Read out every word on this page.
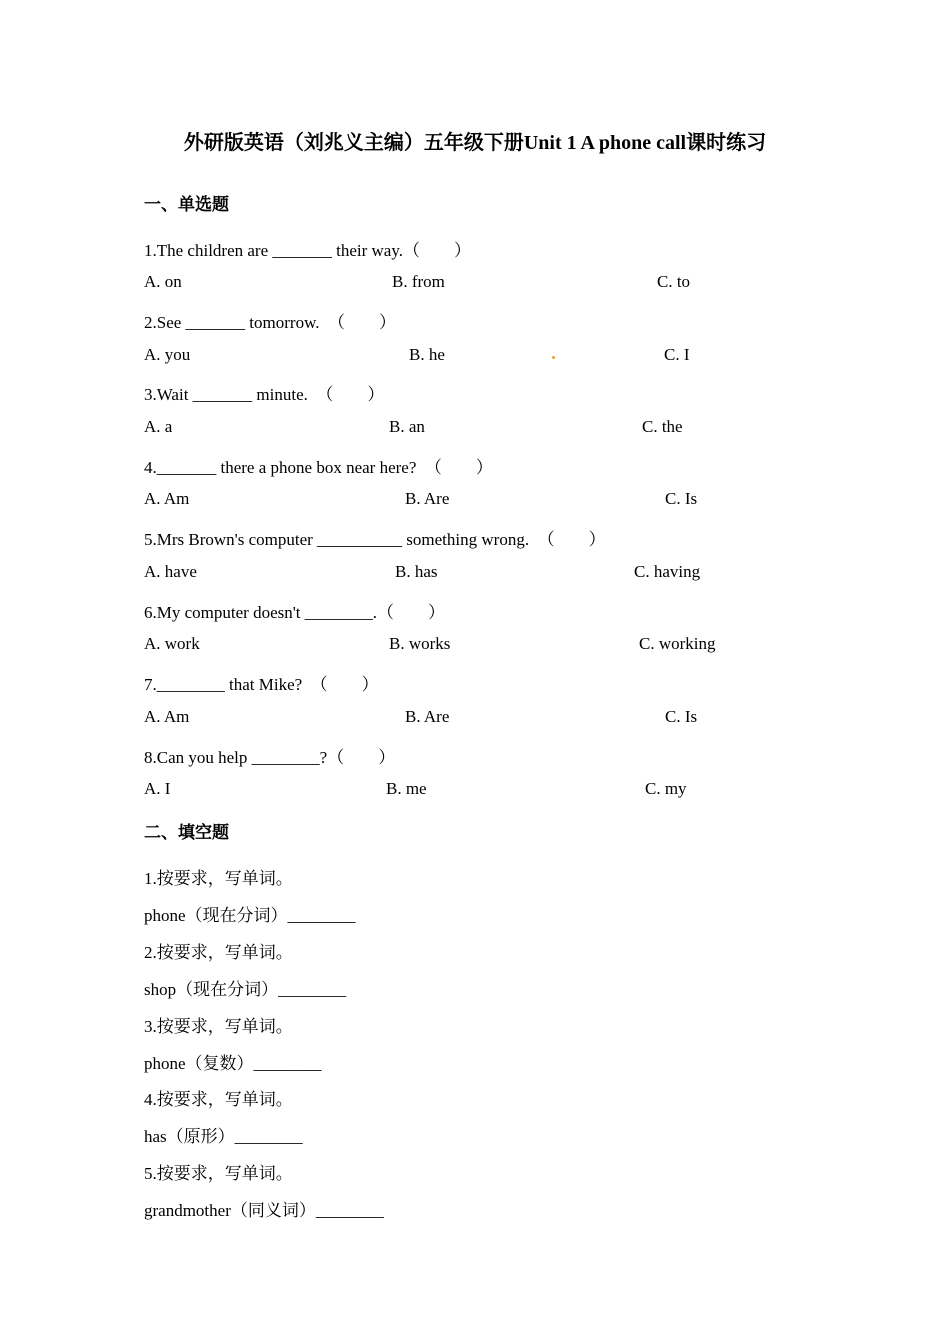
外研版英语（刘兆义主编）五年级下册Unit 1 A phone call课时练习
一、单选题
1.The children are _______ their way.（　　）
A. on	B. from	C. to
2.See _______ tomorrow.　（　　）
A. you	B. he	C. I
3.Wait _______ minute.　（　　）
A. a	B. an	C. the
4._______ there a phone box near here?　（　　）
A. Am	B. Are	C. Is
5.Mrs Brown's computer __________ something wrong.　（　　）
A. have	B. has	C. having
6.My computer doesn't ________.（　　）
A. work	B. works	C. working
7.________ that Mike?　（　　）
A. Am	B. Are	C. Is
8.Can you help ________?（　　）
A. I	B. me	C. my
二、填空题
1.按要求，写单词。
phone（现在分词）________
2.按要求，写单词。
shop（现在分词）________
3.按要求，写单词。
phone（复数）________
4.按要求，写单词。
has（原形）________
5.按要求，写单词。
grandmother（同义词）________
